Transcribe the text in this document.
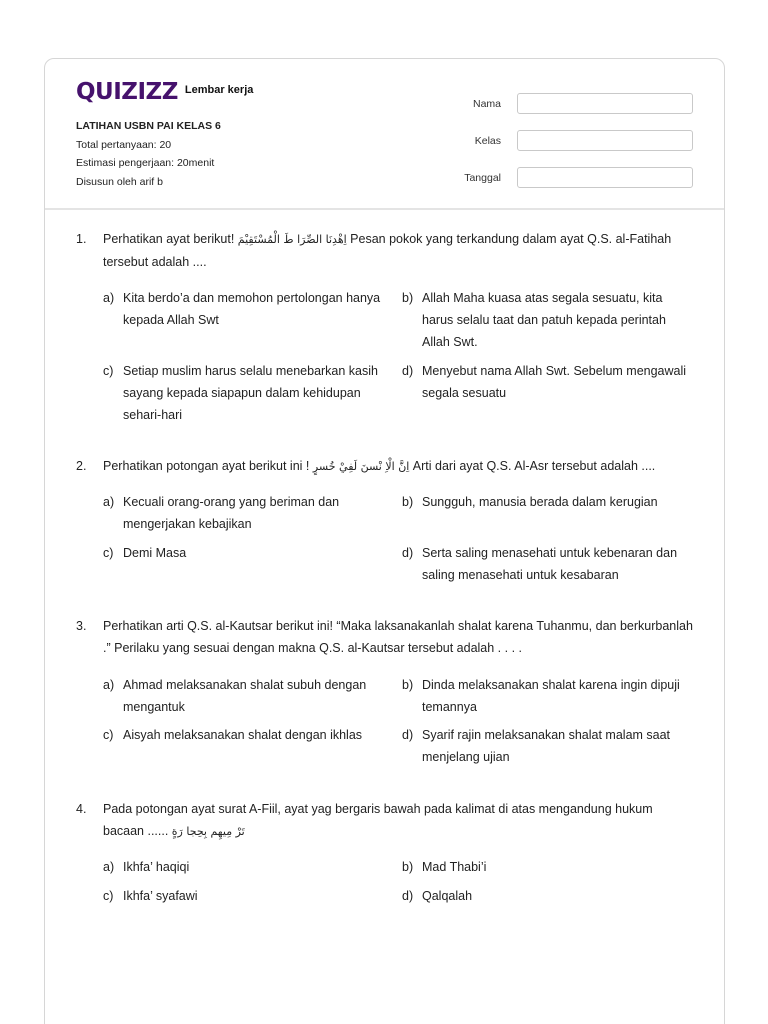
QUIZIZZ Lembar kerja
LATIHAN USBN PAI KELAS 6
Total pertanyaan: 20
Estimasi pengerjaan: 20menit
Disusun oleh arif b
Nama
Kelas
Tanggal
1. Perhatikan ayat berikut! اِهْدِنَا الصِّرَا طَ الْمُسْتَقِيْمَ Pesan pokok yang terkandung dalam ayat Q.S. al-Fatihah tersebut adalah ....
a) Kita berdo’a dan memohon pertolongan hanya kepada Allah Swt
b) Allah Maha kuasa atas segala sesuatu, kita harus selalu taat dan patuh kepada perintah Allah Swt.
c) Setiap muslim harus selalu menebarkan kasih sayang kepada siapapun dalam kehidupan sehari-hari
d) Menyebut nama Allah Swt. Sebelum mengawali segala sesuatu
2. Perhatikan potongan ayat berikut ini ! اِنَّ الْاِ نْسنَ لَفِيْ خُسرٍ Arti dari ayat Q.S. Al-Asr tersebut adalah ....
a) Kecuali orang-orang yang beriman dan mengerjakan kebajikan
b) Sungguh, manusia berada dalam kerugian
c) Demi Masa	d) Serta saling menasehati untuk kebenaran dan saling menasehati untuk kesabaran
3. Perhatikan arti Q.S. al-Kautsar berikut ini! “Maka laksanakanlah shalat karena Tuhanmu, dan berkurbanlah .” Perilaku yang sesuai dengan makna Q.S. al-Kautsar tersebut adalah . . . .
a) Ahmad melaksanakan shalat subuh dengan mengantuk
b) Dinda melaksanakan shalat karena ingin dipuji temannya
c) Aisyah melaksanakan shalat dengan ikhlas	d) Syarif rajin melaksanakan shalat malam saat menjelang ujian
4. Pada potongan ayat surat A-Fiil, ayat yag bergaris bawah pada kalimat di atas mengandung hukum bacaan ...... تَرْ مِيهِم بِحِجا رَةٍ
a) Ikhfa’ haqiqi	b) Mad Thabi’i
c) Ikhfa’ syafawi	d) Qalqalah
